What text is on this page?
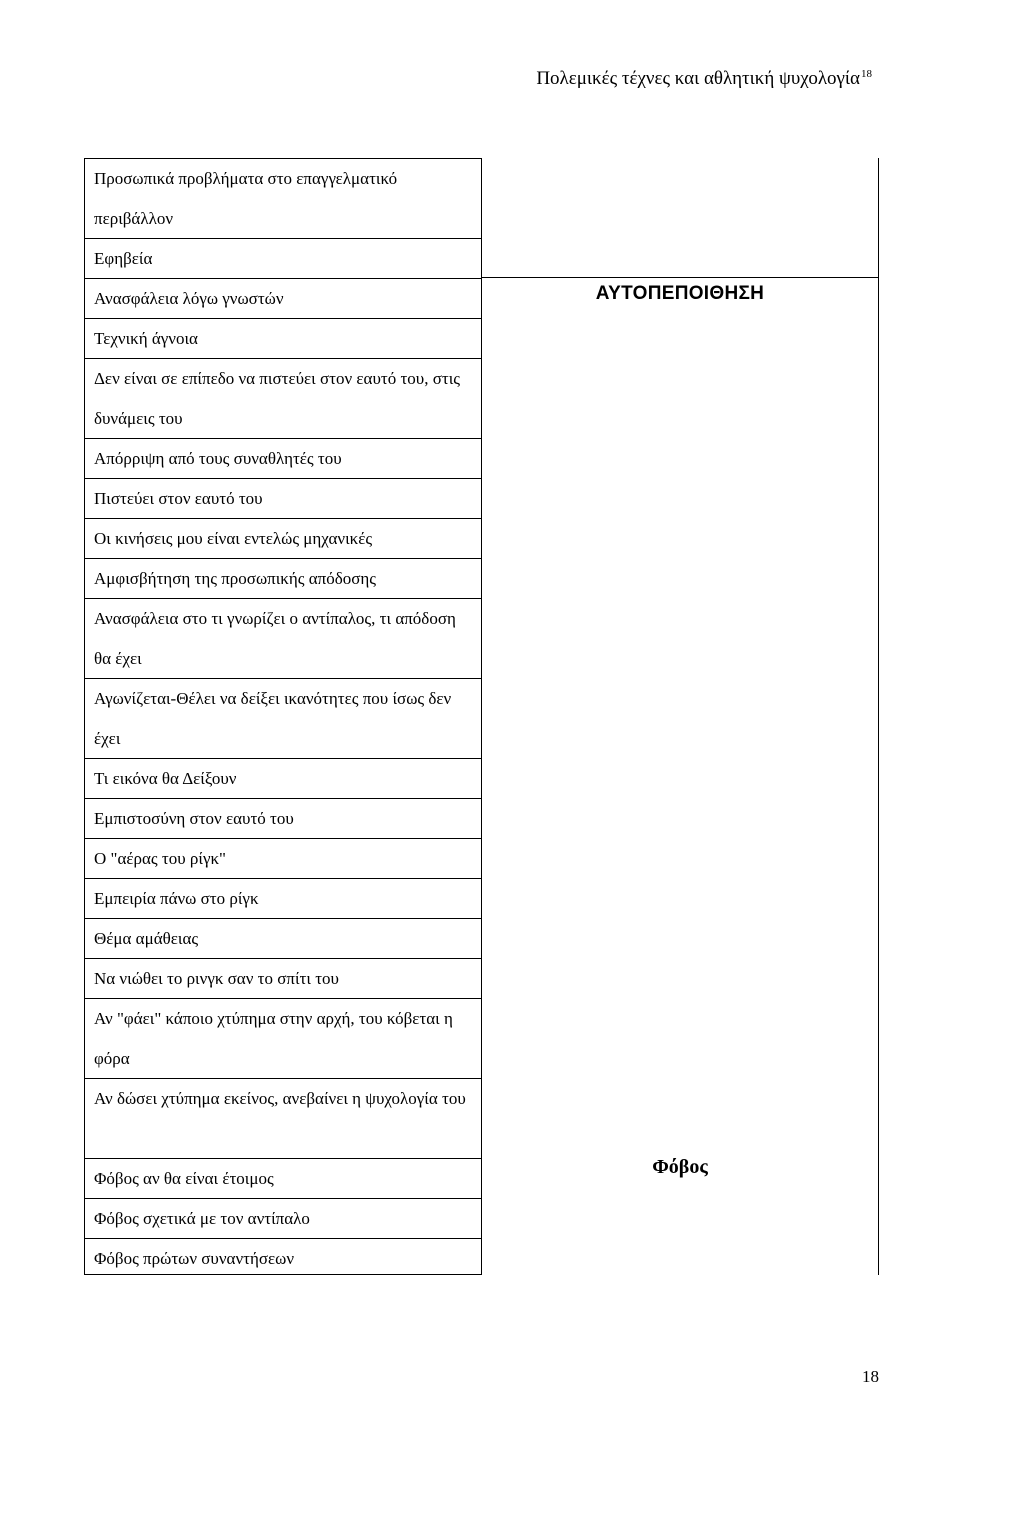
Πολεμικές τέχνες και αθλητική ψυχολογία$^{18}$
Προσωπικά προβλήματα στο επαγγελματικό περιβάλλον
Εφηβεία
Ανασφάλεια λόγω γνωστών
Τεχνική άγνοια
Δεν είναι σε επίπεδο να πιστεύει στον εαυτό του, στις δυνάμεις του
Απόρριψη από τους συναθλητές του
Πιστεύει στον εαυτό του
Οι κινήσεις μου είναι εντελώς μηχανικές
Αμφισβήτηση της προσωπικής απόδοσης
Ανασφάλεια στο τι γνωρίζει ο αντίπαλος, τι απόδοση θα έχει
Αγωνίζεται-Θέλει να δείξει ικανότητες που ίσως δεν έχει
Τι εικόνα θα Δείξουν
Εμπιστοσύνη στον εαυτό του
Ο "αέρας του ρίγκ"
Εμπειρία πάνω στο ρίγκ
Θέμα αμάθειας
Να νιώθει το ρινγκ σαν το σπίτι του
Αν "φάει" κάποιο χτύπημα στην αρχή, του κόβεται η φόρα
Αν δώσει χτύπημα εκείνος, ανεβαίνει η ψυχολογία του
Φόβος αν θα είναι έτοιμος
Φόβος σχετικά με τον αντίπαλο
Φόβος πρώτων συναντήσεων
ΑΥΤΟΠΕΠΟΙΘΗΣΗ
Φόβος
18
